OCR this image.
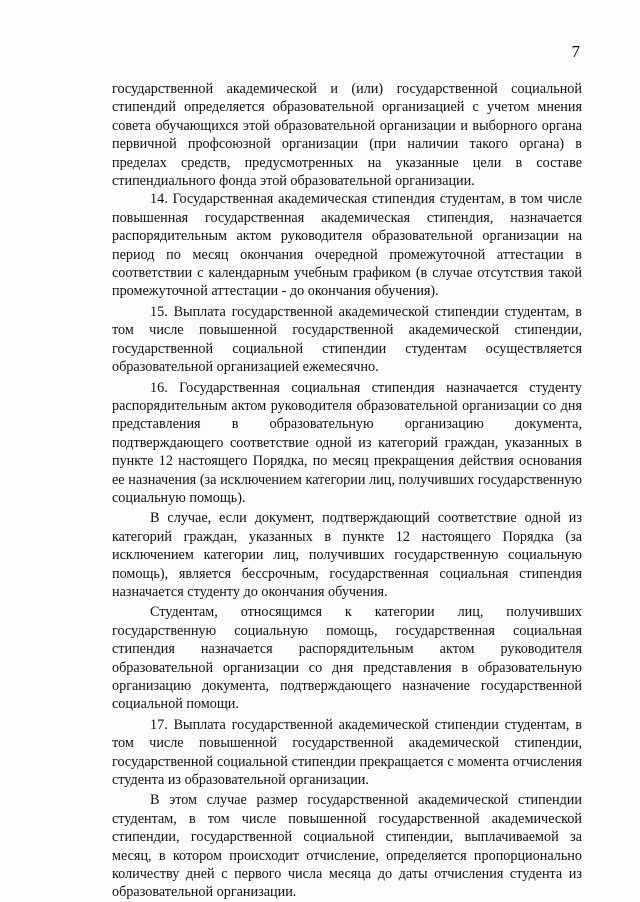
7

государственной академической и (или) государственной социальной стипендий определяется образовательной организацией с учетом мнения совета обучающихся этой образовательной организации и выборного органа первичной профсоюзной организации (при наличии такого органа) в пределах средств, предусмотренных на указанные цели в составе стипендиального фонда этой образовательной организации.

14. Государственная академическая стипендия студентам, в том числе повышенная государственная академическая стипендия, назначается распорядительным актом руководителя образовательной организации на период по месяц окончания очередной промежуточной аттестации в соответствии с календарным учебным графиком (в случае отсутствия такой промежуточной аттестации - до окончания обучения).

15. Выплата государственной академической стипендии студентам, в том числе повышенной государственной академической стипендии, государственной социальной стипендии студентам осуществляется образовательной организацией ежемесячно.

16. Государственная социальная стипендия назначается студенту распорядительным актом руководителя образовательной организации со дня представления в образовательную организацию документа, подтверждающего соответствие одной из категорий граждан, указанных в пункте 12 настоящего Порядка, по месяц прекращения действия основания ее назначения (за исключением категории лиц, получивших государственную социальную помощь).

В случае, если документ, подтверждающий соответствие одной из категорий граждан, указанных в пункте 12 настоящего Порядка (за исключением категории лиц, получивших государственную социальную помощь), является бессрочным, государственная социальная стипендия назначается студенту до окончания обучения.

Студентам, относящимся к категории лиц, получивших государственную социальную помощь, государственная социальная стипендия назначается распорядительным актом руководителя образовательной организации со дня представления в образовательную организацию документа, подтверждающего назначение государственной социальной помощи.

17. Выплата государственной академической стипендии студентам, в том числе повышенной государственной академической стипендии, государственной социальной стипендии прекращается с момента отчисления студента из образовательной организации.

В этом случае размер государственной академической стипендии студентам, в том числе повышенной государственной академической стипендии, государственной социальной стипендии, выплачиваемой за месяц, в котором происходит отчисление, определяется пропорционально количеству дней с первого числа месяца до даты отчисления студента из образовательной организации.
